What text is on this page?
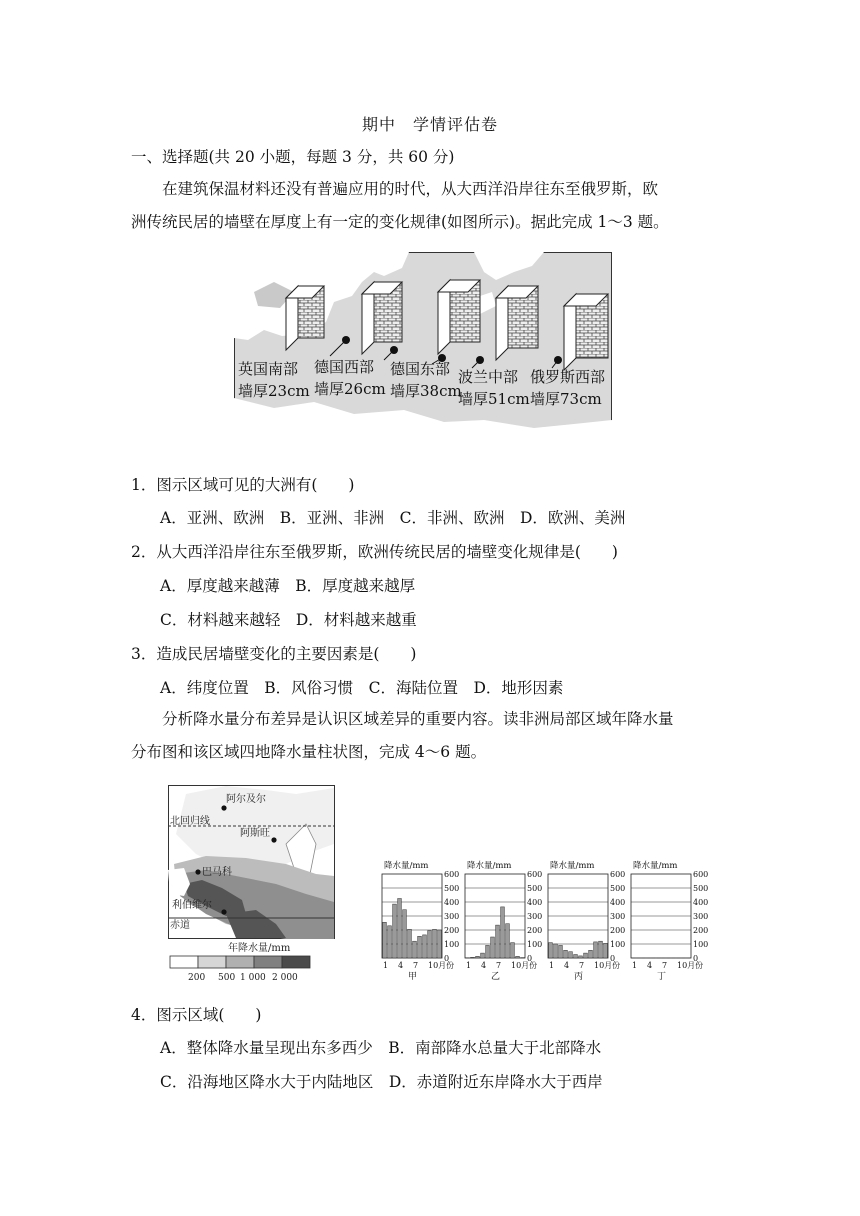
期中　学情评估卷
一、选择题(共 20 小题，每题 3 分，共 60 分)
在建筑保温材料还没有普遍应用的时代，从大西洋沿岸往东至俄罗斯，欧
洲传统民居的墙壁在厚度上有一定的变化规律(如图所示)。据此完成 1～3 题。
英国南部
墙厚23cm
德国西部
墙厚26cm
德国东部
墙厚38cm
波兰中部
墙厚51cm
俄罗斯西部
墙厚73cm
1．图示区域可见的大洲有(　　)
A．亚洲、欧洲　B．亚洲、非洲　C．非洲、欧洲　D．欧洲、美洲
2．从大西洋沿岸往东至俄罗斯，欧洲传统民居的墙壁变化规律是(　　)
A．厚度越来越薄　B．厚度越来越厚
C．材料越来越轻　D．材料越来越重
3．造成民居墙壁变化的主要因素是(　　)
A．纬度位置　B．风俗习惯　C．海陆位置　D．地形因素
分析降水量分布差异是认识区域差异的重要内容。读非洲局部区域年降水量
分布图和该区域四地降水量柱状图，完成 4～6 题。
阿尔及尔
阿斯旺
巴马科
利伯维尔
北回归线
赤道
年降水量/mm
200 500 1 000 2 000
降水量/mm
600
500
400
300
200
100
0
1 4 7 10月份
甲
降水量/mm
600
500
400
300
200
100
0
1 4 7 10月份
乙
降水量/mm
600
500
400
300
200
100
0
1 4 7 10月份
丙
降水量/mm
600
500
400
300
200
100
0
1 4 7 10月份
丁
4．图示区域(　　)
A．整体降水量呈现出东多西少　B．南部降水总量大于北部降水
C．沿海地区降水大于内陆地区　D．赤道附近东岸降水大于西岸
